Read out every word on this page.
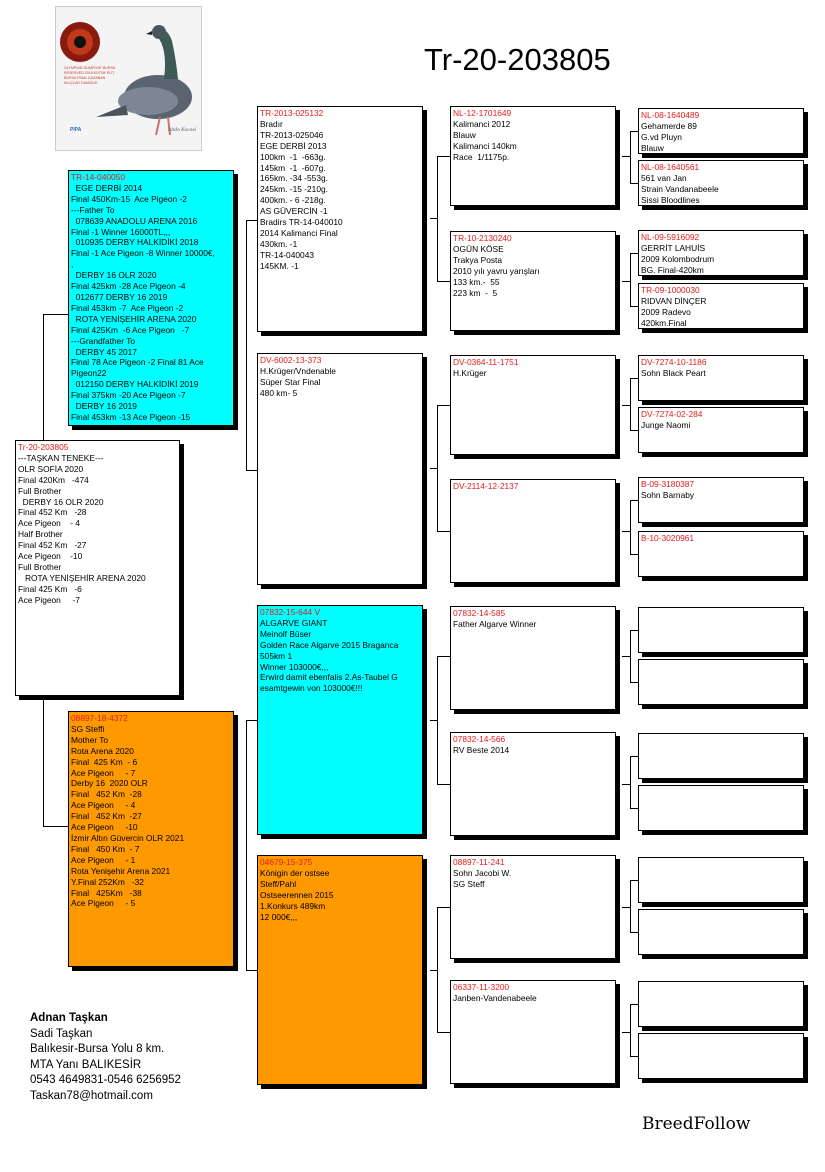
Tr-20-203805
OLYMPIAD OLIMPIYAT BURSA
RESERVED 2018 KÜTÜK ELİT
BURSA FİNAL KAZANAN
KILIÇLAR DAMIZLIK
PIPA	Abdo Kocosi
Tr-20-203805
---TAŞKAN TENEKE---
OLR SOFİA 2020
Final 420Km   -474
Full Brother
DERBY 16 OLR 2020
Final 452 Km   -28
Ace Pigeon    - 4
Half Brother
Final 452 Km   -27
Ace Pigeon    -10
Full Brother
ROTA YENİŞEHİR ARENA 2020
Final 425 Km   -6
Ace Pigeon     -7
TR-14-040050
EGE DERBİ 2014
Final 450Km-15  Ace Pigeon -2
---Father To
078639 ANADOLU ARENA 2016
Final -1 Winner 16000TL,,,
010935 DERBY HALKİDİKİ 2018
Final -1 Ace Pigeon -8 Winner 10000€,
,
DERBY 16 OLR 2020
Final 425km -28 Ace Pigeon -4
012677 DERBY 16 2019
Final 453km -7  Ace Pigeon -2
ROTA YENİŞEHİR ARENA 2020
Final 425Km  -6 Ace Pigeon   -7
---Grandfather To
DERBY 45 2017
Final 78 Ace Pigeon -2 Final 81 Ace
Pigeon22
012150 DERBY HALKİDİKİ 2019
Final 375km -20 Ace Pigeon -7
DERBY 16 2019
Final 453km -13 Ace Pigeon -15
08897-18-4372
SG Steffi
Mother To
Rota Arena 2020
Final  425 Km  - 6
Ace Pigeon     - 7
Derby 16  2020 OLR
Final   452 Km  -28
Ace Pigeon     - 4
Final   452 Km  -27
Ace Pigeon     -10
İzmir Altın Güvercin OLR 2021
Final   450 Km  - 7
Ace Pigeon     - 1
Rota Yenişehir Arena 2021
Y.Final 252Km   -32
Final   425Km   -38
Ace Pigeon     - 5
TR-2013-025132
Bradır
TR-2013-025046
EGE DERBİ 2013
100km  -1  -663g.
145km  -1  -607g.
165km. -34 -553g.
245km. -15 -210g.
400km. - 6 -218g.
AS GÜVERCİN -1
Bradirs TR-14-040010
2014 Kalimanci Final
430km. -1
TR-14-040043
145KM. -1
DV-6002-13-373
H.Krüger/Vndenable
Süper Star Final
480 km- 5
07832-15-644 V
ALGARVE GIANT
Meinolf Büser
Golden Race Algarve 2015 Braganca
505km 1
Winner 103000€,,,
Erwird damit ebenfalis 2.As-Taubel G
esamtgewin von 103000€!!!
04679-15-375
Königin der ostsee
Steff/Pahl
Ostseerennen 2015
1.Konkurs 489km
12 000€,,,
NL-12-1701649
Kalimanci 2012
Blauw
Kalimanci 140km
Race  1/1175p.
TR-10-2130240
OGÜN KÖSE
Trakya Posta
2010 yılı yavru yarışları
133 km.-  55
223 km  -  5
DV-0364-11-1751
H.Krüger
DV-2114-12-2137
07832-14-585
Father Algarve Winner
07832-14-566
RV Beste 2014
08897-11-241
Sohn Jacobi W.
SG Steff
06337-11-3200
Janben-Vandenabeele
NL-08-1640489
Gehamerde 89
G.vd Pluyn
Blauw
NL-08-1640561
561 van Jan
Strain Vandanabeele
Sissi Bloodlines
NL-09-5916092
GERRİT LAHUİS
2009 Kolombodrum
BG. Final-420km
TR-09-1000030
RIDVAN DİNÇER
2009 Radevo
420km.Final
DV-7274-10-1186
Sohn Black Peart
DV-7274-02-284
Junge Naomi
B-09-3180387
Sohn Barnaby
B-10-3020961
Adnan Taşkan
Sadi Taşkan
Balıkesir-Bursa Yolu 8 km.
MTA Yanı BALIKESİR
0543 4649831-0546 6256952
Taskan78@hotmail.com
BreedFollow
